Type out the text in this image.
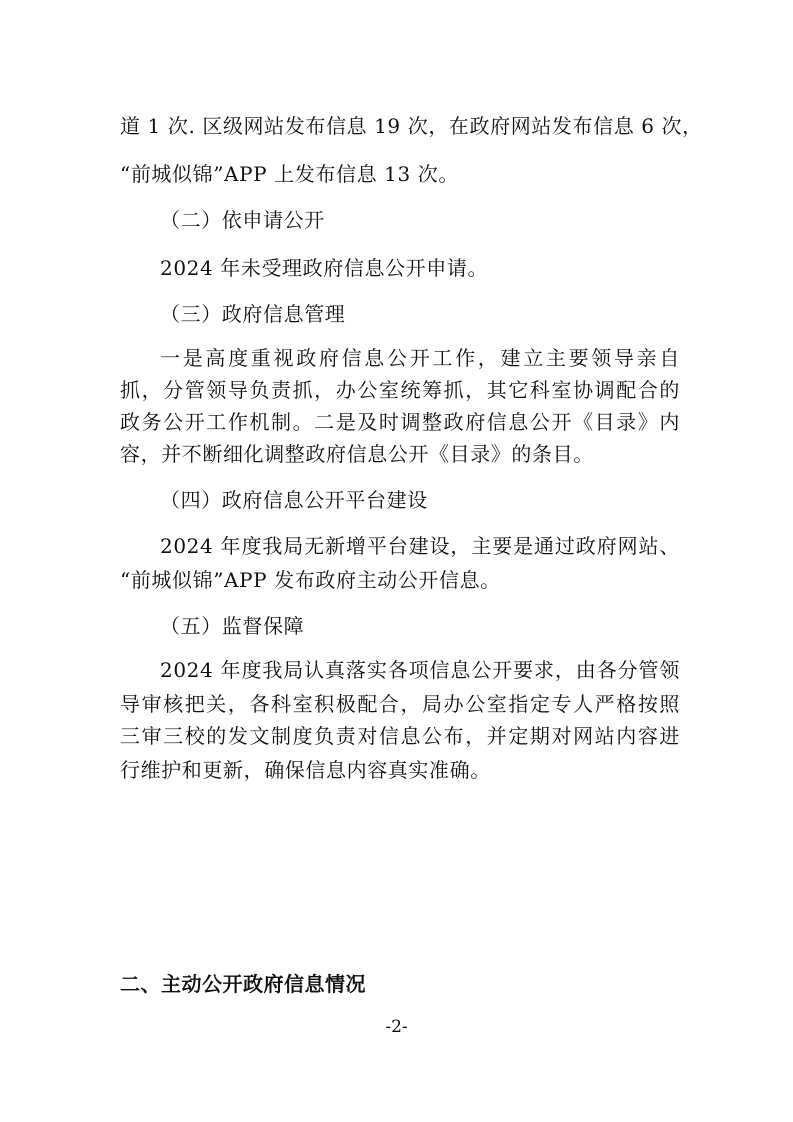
道 1 次. 区级网站发布信息 19 次，在政府网站发布信息 6 次，
“前城似锦”APP 上发布信息 13 次。
（二）依申请公开
2024 年未受理政府信息公开申请。
（三）政府信息管理
一是高度重视政府信息公开工作，建立主要领导亲自
抓，分管领导负责抓，办公室统筹抓，其它科室协调配合的
政务公开工作机制。二是及时调整政府信息公开《目录》内
容，并不断细化调整政府信息公开《目录》的条目。
（四）政府信息公开平台建设
2024 年度我局无新增平台建设，主要是通过政府网站、
“前城似锦”APP 发布政府主动公开信息。
（五）监督保障
2024 年度我局认真落实各项信息公开要求，由各分管领
导审核把关，各科室积极配合，局办公室指定专人严格按照
三审三校的发文制度负责对信息公布，并定期对网站内容进
行维护和更新，确保信息内容真实准确。
二、主动公开政府信息情况
-2-
